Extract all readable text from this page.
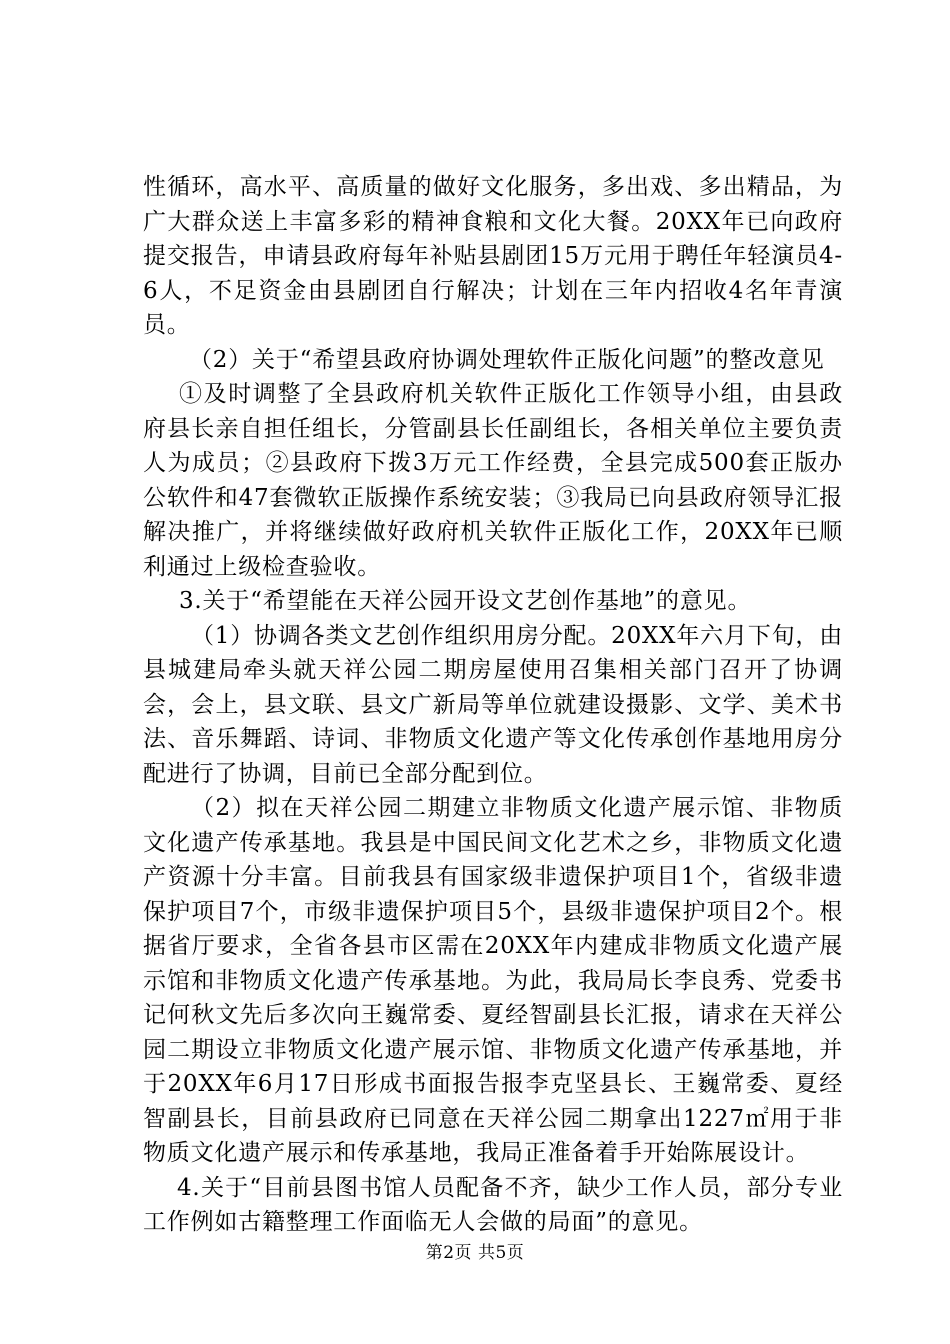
性循环，高水平、高质量的做好文化服务，多出戏、多出精品，为广大群众送上丰富多彩的精神食粮和文化大餐。20XX年已向政府提交报告，申请县政府每年补贴县剧团15万元用于聘任年轻演员4-6人，不足资金由县剧团自行解决；计划在三年内招收4名年青演员。

（2）关于“希望县政府协调处理软件正版化问题”的整改意见

①及时调整了全县政府机关软件正版化工作领导小组，由县政府县长亲自担任组长，分管副县长任副组长，各相关单位主要负责人为成员；②县政府下拨3万元工作经费，全县完成500套正版办公软件和47套微软正版操作系统安装；③我局已向县政府领导汇报解决推广，并将继续做好政府机关软件正版化工作，20XX年已顺利通过上级检查验收。

3.关于“希望能在天祥公园开设文艺创作基地”的意见。

（1）协调各类文艺创作组织用房分配。20XX年六月下旬，由县城建局牵头就天祥公园二期房屋使用召集相关部门召开了协调会，会上，县文联、县文广新局等单位就建设摄影、文学、美术书法、音乐舞蹈、诗词、非物质文化遗产等文化传承创作基地用房分配进行了协调，目前已全部分配到位。

（2）拟在天祥公园二期建立非物质文化遗产展示馆、非物质文化遗产传承基地。我县是中国民间文化艺术之乡，非物质文化遗产资源十分丰富。目前我县有国家级非遗保护项目1个，省级非遗保护项目7个，市级非遗保护项目5个，县级非遗保护项目2个。根据省厅要求，全省各县市区需在20XX年内建成非物质文化遗产展示馆和非物质文化遗产传承基地。为此，我局局长李良秀、党委书记何秋文先后多次向王巍常委、夏经智副县长汇报，请求在天祥公园二期设立非物质文化遗产展示馆、非物质文化遗产传承基地，并于20XX年6月17日形成书面报告报李克坚县长、王巍常委、夏经智副县长，目前县政府已同意在天祥公园二期拿出1227㎡用于非物质文化遗产展示和传承基地，我局正准备着手开始陈展设计。

4.关于“目前县图书馆人员配备不齐，缺少工作人员，部分专业工作例如古籍整理工作面临无人会做的局面”的意见。

第2页 共5页
